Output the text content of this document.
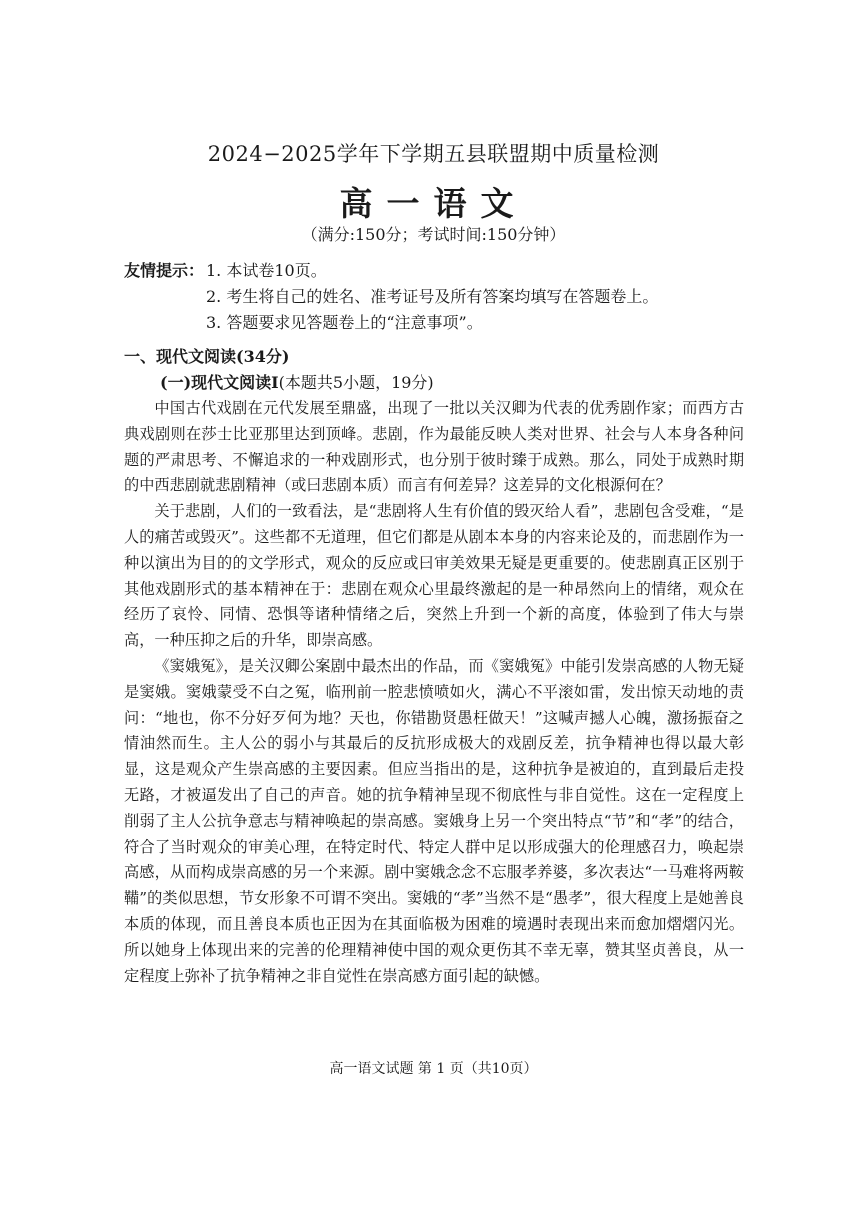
2024−2025学年下学期五县联盟期中质量检测
高一语文
（满分:150分；考试时间:150分钟）
友情提示： 1. 本试卷10页。
2. 考生将自己的姓名、准考证号及所有答案均填写在答题卷上。
3. 答题要求见答题卷上的“注意事项”。
一、现代文阅读(34分)
(一)现代文阅读Ⅰ(本题共5小题，19分)

中国古代戏剧在元代发展至鼎盛，出现了一批以关汉卿为代表的优秀剧作家；而西方古典戏剧则在莎士比亚那里达到顶峰。悲剧，作为最能反映人类对世界、社会与人本身各种问题的严肃思考、不懈追求的一种戏剧形式，也分别于彼时臻于成熟。那么，同处于成熟时期的中西悲剧就悲剧精神（或曰悲剧本质）而言有何差异？这差异的文化根源何在？

关于悲剧，人们的一致看法，是“悲剧将人生有价值的毁灭给人看”，悲剧包含受难，“是人的痛苦或毁灭”。这些都不无道理，但它们都是从剧本本身的内容来论及的，而悲剧作为一种以演出为目的的文学形式，观众的反应或曰审美效果无疑是更重要的。使悲剧真正区别于其他戏剧形式的基本精神在于：悲剧在观众心里最终激起的是一种昂然向上的情绪，观众在经历了哀怜、同情、恐惧等诸种情绪之后，突然上升到一个新的高度，体验到了伟大与崇高，一种压抑之后的升华，即崇高感。

《窦娥冤》，是关汉卿公案剧中最杰出的作品，而《窦娥冤》中能引发崇高感的人物无疑是窦娥。窦娥蒙受不白之冤，临刑前一腔悲愤喷如火，满心不平滚如雷，发出惊天动地的责问：“地也，你不分好歹何为地？天也，你错勘贤愚枉做天！”这喊声撼人心魄，激扬振奋之情油然而生。主人公的弱小与其最后的反抗形成极大的戏剧反差，抗争精神也得以最大彰显，这是观众产生崇高感的主要因素。但应当指出的是，这种抗争是被迫的，直到最后走投无路，才被逼发出了自己的声音。她的抗争精神呈现不彻底性与非自觉性。这在一定程度上削弱了主人公抗争意志与精神唤起的崇高感。窦娥身上另一个突出特点“节”和“孝”的结合，符合了当时观众的审美心理，在特定时代、特定人群中足以形成强大的伦理感召力，唤起崇高感，从而构成崇高感的另一个来源。剧中窦娥念念不忘服孝养婆，多次表达“一马难将两鞍鞴”的类似思想，节女形象不可谓不突出。窦娥的“孝”当然不是“愚孝”，很大程度上是她善良本质的体现，而且善良本质也正因为在其面临极为困难的境遇时表现出来而愈加熠熠闪光。所以她身上体现出来的完善的伦理精神使中国的观众更伤其不幸无辜，赞其坚贞善良，从一定程度上弥补了抗争精神之非自觉性在崇高感方面引起的缺憾。

高一语文试题 第 1 页（共10页）
